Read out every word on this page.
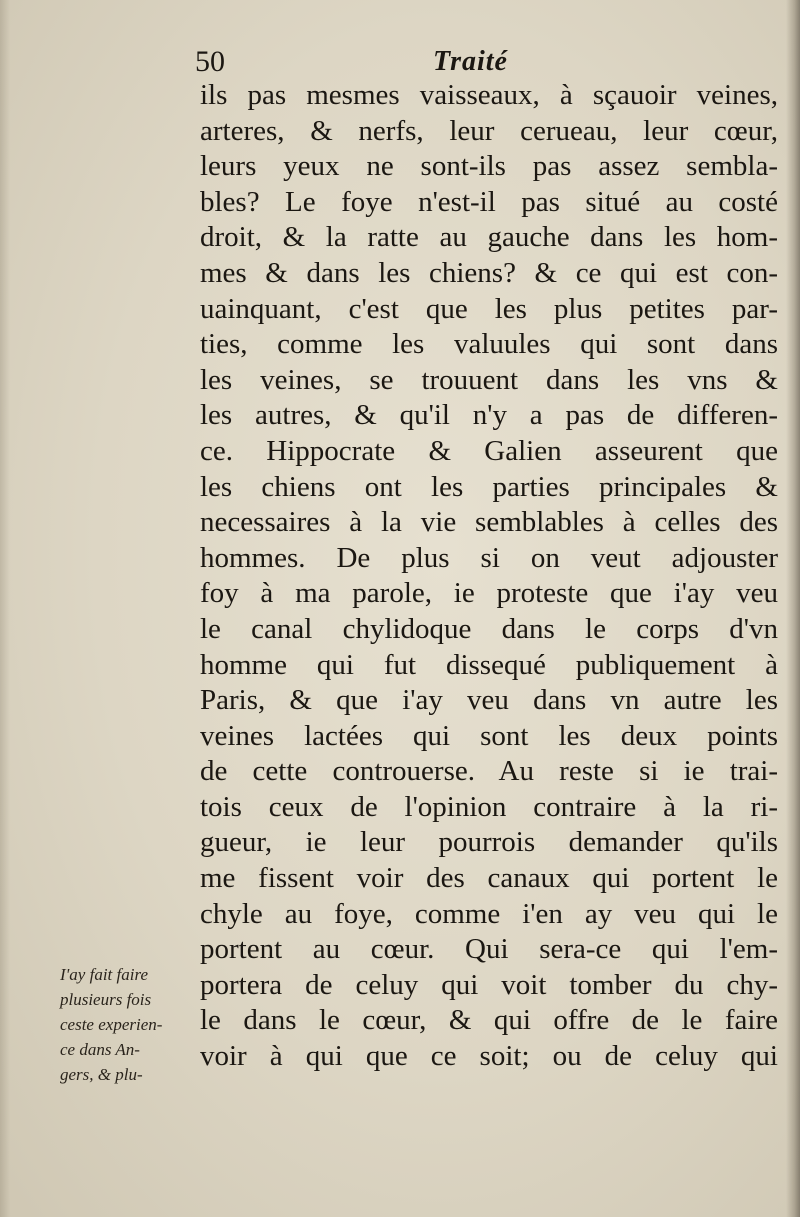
50	Traité
ils pas mesmes vaisseaux, à sçauoir veines,
arteres, & nerfs, leur cerueau, leur cœur,
leurs yeux ne sont-ils pas assez sembla-
bles? Le foye n'est-il pas situé au costé
droit, & la ratte au gauche dans les hom-
mes & dans les chiens? & ce qui est con-
uainquant, c'est que les plus petites par-
ties, comme les valuules qui sont dans
les veines, se trouuent dans les vns &
les autres, & qu'il n'y a pas de differen-
ce. Hippocrate & Galien asseurent que
les chiens ont les parties principales &
necessaires à la vie semblables à celles des
hommes. De plus si on veut adjouster
foy à ma parole, ie proteste que i'ay veu
le canal chylidoque dans le corps d'vn
homme qui fut dissequé publiquement à
Paris, & que i'ay veu dans vn autre les
veines lactées qui sont les deux points
de cette controuerse. Au reste si ie trai-
tois ceux de l'opinion contraire à la ri-
gueur, ie leur pourrois demander qu'ils
me fissent voir des canaux qui portent le
chyle au foye, comme i'en ay veu qui le
portent au cœur. Qui sera-ce qui l'em-
portera de celuy qui voit tomber du chy-
le dans le cœur, & qui offre de le faire
voir à qui que ce soit; ou de celuy qui
I'ay fait faire
plusieurs fois
ceste experien-
ce dans An-
gers, & plu-
